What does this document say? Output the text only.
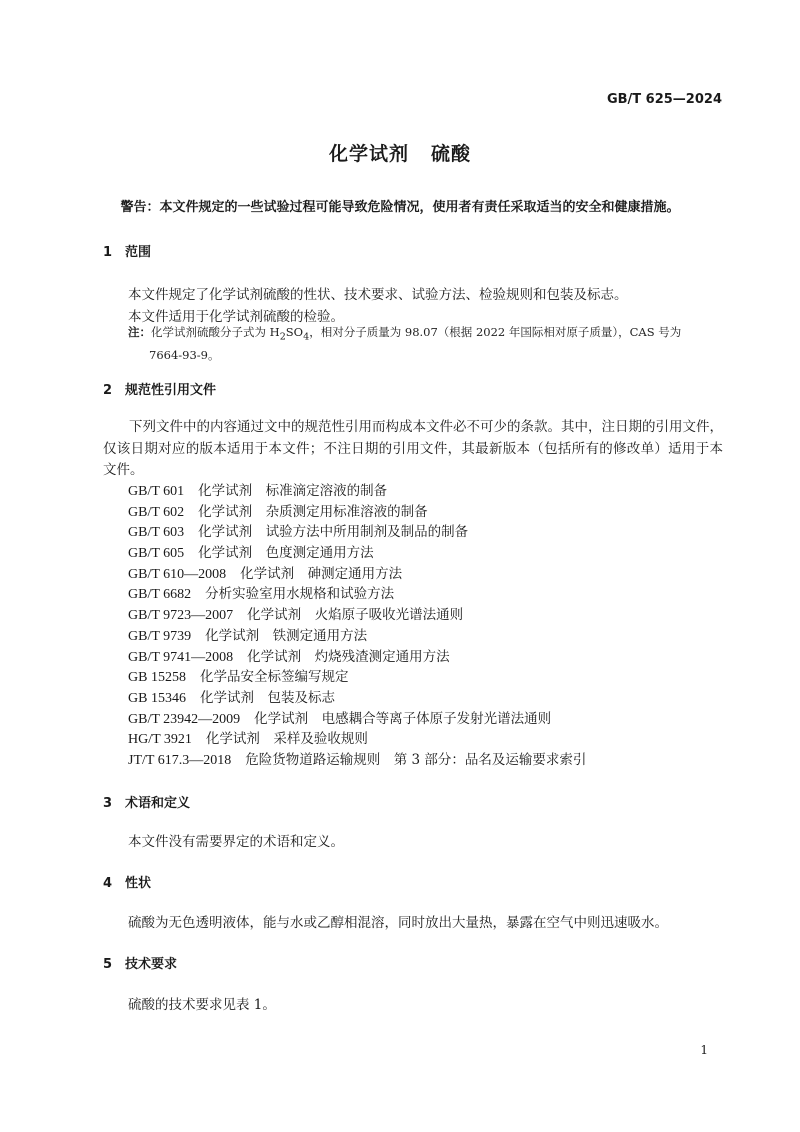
GB/T 625—2024
化学试剂 硫酸
警告：本文件规定的一些试验过程可能导致危险情况，使用者有责任采取适当的安全和健康措施。
1 范围
本文件规定了化学试剂硫酸的性状、技术要求、试验方法、检验规则和包装及标志。
本文件适用于化学试剂硫酸的检验。
注：化学试剂硫酸分子式为 $H_2SO_4$，相对分子质量为 98.07（根据 2022 年国际相对原子质量），CAS 号为
7664-93-9。
2 规范性引用文件
下列文件中的内容通过文中的规范性引用而构成本文件必不可少的条款。其中，注日期的引用文件，仅该日期对应的版本适用于本文件；不注日期的引用文件，其最新版本（包括所有的修改单）适用于本文件。
GB/T 601 化学试剂　标准滴定溶液的制备
GB/T 602 化学试剂　杂质测定用标准溶液的制备
GB/T 603 化学试剂　试验方法中所用制剂及制品的制备
GB/T 605 化学试剂　色度测定通用方法
GB/T 610—2008 化学试剂　砷测定通用方法
GB/T 6682 分析实验室用水规格和试验方法
GB/T 9723—2007 化学试剂　火焰原子吸收光谱法通则
GB/T 9739 化学试剂　铁测定通用方法
GB/T 9741—2008 化学试剂　灼烧残渣测定通用方法
GB 15258 化学品安全标签编写规定
GB 15346 化学试剂　包装及标志
GB/T 23942—2009 化学试剂　电感耦合等离子体原子发射光谱法通则
HG/T 3921 化学试剂　采样及验收规则
JT/T 617.3—2018 危险货物道路运输规则　第 3 部分：品名及运输要求索引
3 术语和定义
本文件没有需要界定的术语和定义。
4 性状
硫酸为无色透明液体，能与水或乙醇相混溶，同时放出大量热，暴露在空气中则迅速吸水。
5 技术要求
硫酸的技术要求见表 1。
1
